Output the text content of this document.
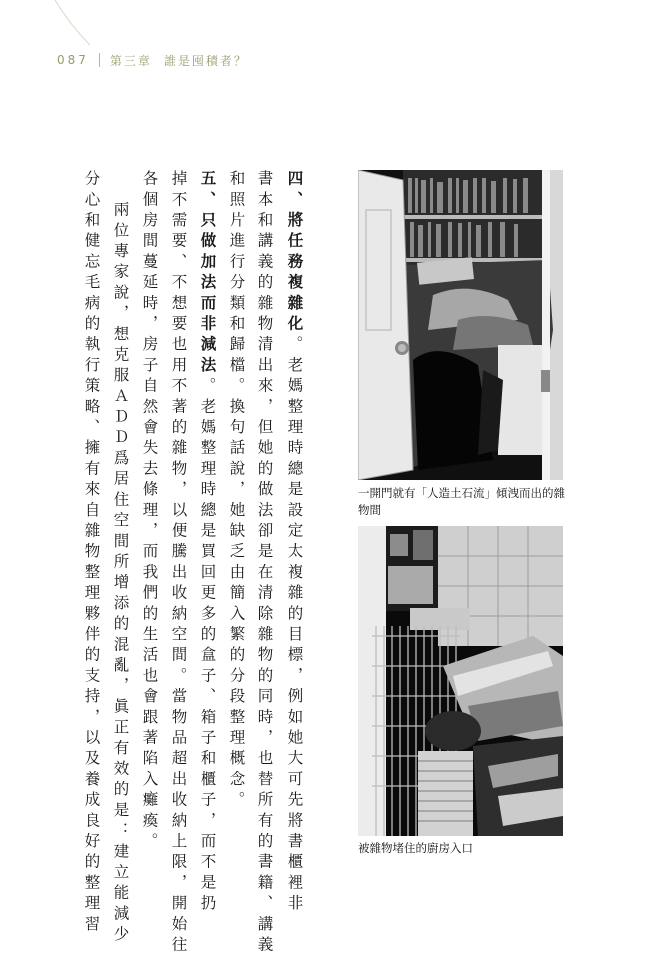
087 第三章 誰是囤積者？
四、將任務複雜化。老媽整理時總是設定太複雜的目標，例如她大可先將書櫃裡非
書本和講義的雜物清出來，但她的做法卻是在清除雜物的同時，也替所有的書籍、講義
和照片進行分類和歸檔。換句話說，她缺乏由簡入繁的分段整理概念。
五、只做加法而非減法。老媽整理時總是買回更多的盒子、箱子和櫃子，而不是扔
掉不需要、不想要也用不著的雜物，以便騰出收納空間。當物品超出收納上限，開始往
各個房間蔓延時，房子自然會失去條理，而我們的生活也會跟著陷入癱瘓。
兩位專家說，想克服ＡＤＤ爲居住空間所增添的混亂，眞正有效的是：建立能減少
分心和健忘毛病的執行策略、擁有來自雜物整理夥伴的支持，以及養成良好的整理習	一開門就有「人造土石流」傾洩而出的雜物間
被雜物堵住的廚房入口
